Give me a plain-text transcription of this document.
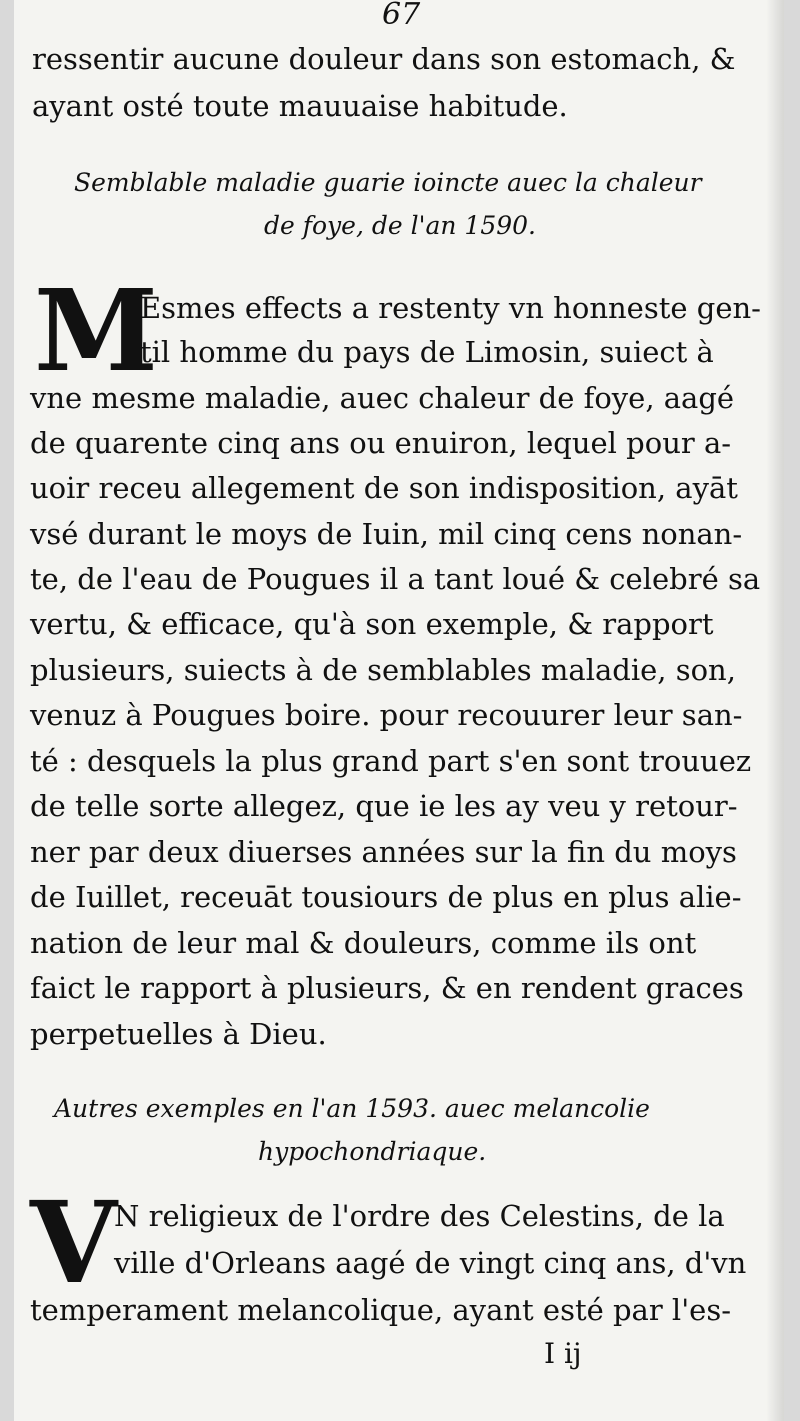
67
ressentir aucune douleur dans son estomach, &
ayant osté toute mauuaise habitude.
Semblable maladie guarie ioincte auec la chaleur
de foye, de l'an 1590.
M
Esmes effects a restenty vn honneste gen-
til homme du pays de Limosin, suiect à
vne mesme maladie, auec chaleur de foye, aagé
de quarente cinq ans ou enuiron, lequel pour a-
uoir receu allegement de son indisposition, ayāt
vsé durant le moys de Iuin, mil cinq cens nonan-
te, de l'eau de Pougues il a tant loué & celebré sa
vertu, & efficace, qu'à son exemple, & rapport
plusieurs, suiects à de semblables maladie, son,
venuz à Pougues boire. pour recouurer leur san-
té : desquels la plus grand part s'en sont trouuez
de telle sorte allegez, que ie les ay veu y retour-
ner par deux diuerses années sur la fin du moys
de Iuillet, receuāt tousiours de plus en plus alie-
nation de leur mal & douleurs, comme ils ont
faict le rapport à plusieurs, & en rendent graces
perpetuelles à Dieu.
Autres exemples en l'an 1593. auec melancolie
hypochondriaque.
V
N religieux de l'ordre des Celestins, de la
ville d'Orleans aagé de vingt cinq ans, d'vn
temperament melancolique, ayant esté par l'es-
I ij
